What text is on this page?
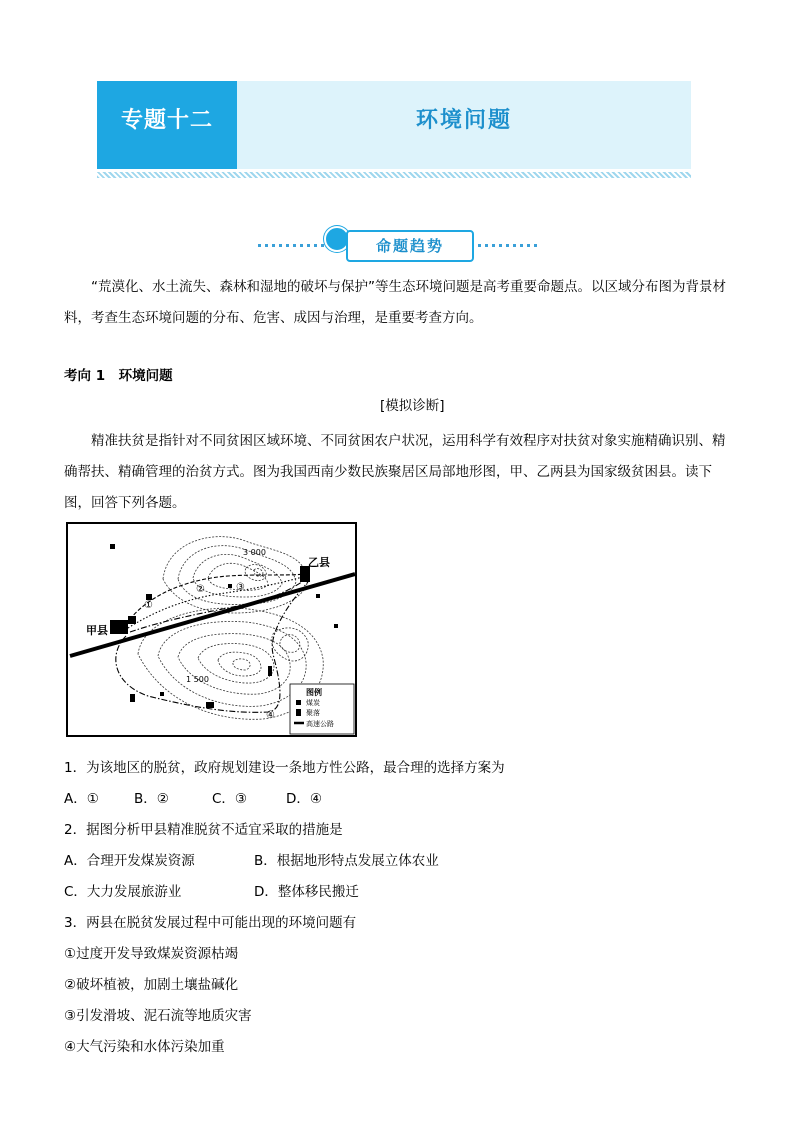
专题十二	环境问题
命题趋势

“荒漠化、水土流失、森林和湿地的破坏与保护”等生态环境问题是高考重要命题点。以区域分布图为背景材料，考查生态环境问题的分布、危害、成因与治理，是重要考查方向。

考向 1　环境问题
[模拟诊断]

精准扶贫是指针对不同贫困区域环境、不同贫困农户状况，运用科学有效程序对扶贫对象实施精确识别、精确帮扶、精确管理的治贫方式。图为我国西南少数民族聚居区局部地形图，甲、乙两县为国家级贫困县。读下图，回答下列各题。

图例
煤炭
聚落
高速公路
甲县
乙县
3 000
1 500
①
②	③
④
1．为该地区的脱贫，政府规划建设一条地方性公路，最合理的选择方案为
A．①	B．②	C．③	D．④
2．据图分析甲县精准脱贫不适宜采取的措施是
A．合理开发煤炭资源	B．根据地形特点发展立体农业
C．大力发展旅游业	D．整体移民搬迁
3．两县在脱贫发展过程中可能出现的环境问题有
①过度开发导致煤炭资源枯竭
②破坏植被，加剧土壤盐碱化
③引发滑坡、泥石流等地质灾害
④大气污染和水体污染加重
